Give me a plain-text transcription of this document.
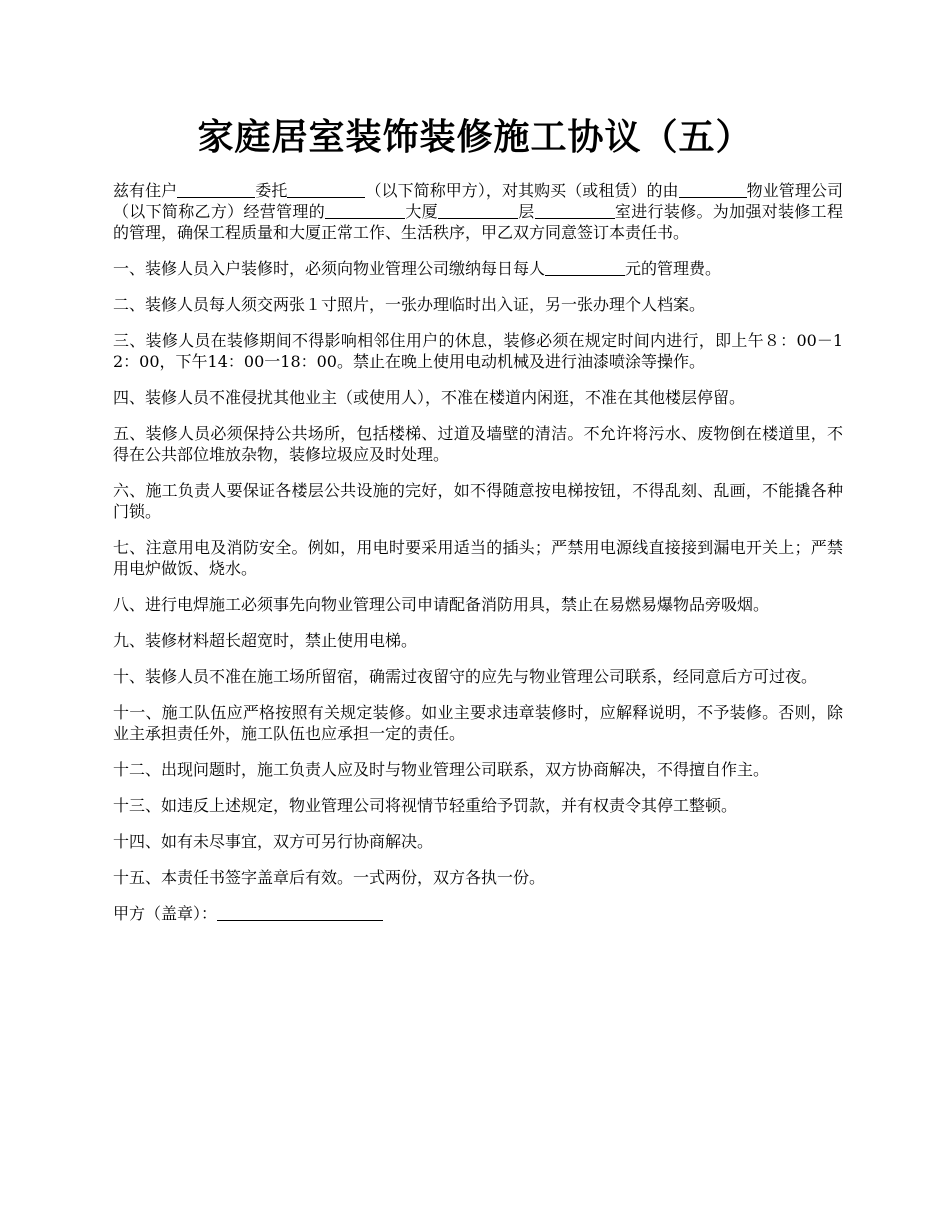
家庭居室装饰装修施工协议（五）

兹有住户	委托	（以下简称甲方），对其购买（或租赁）的由	物业管理公司（以下简称乙方）经营管理的	大厦	层	室进行装修。为加强对装修工程的管理，确保工程质量和大厦正常工作、生活秩序，甲乙双方同意签订本责任书。

一、装修人员入户装修时，必须向物业管理公司缴纳每日每人	元的管理费。

二、装修人员每人须交两张１寸照片，一张办理临时出入证，另一张办理个人档案。

三、装修人员在装修期间不得影响相邻住用户的休息，装修必须在规定时间内进行，即上午８：00－12：00，下午14：00一18：00。禁止在晚上使用电动机械及进行油漆喷涂等操作。

四、装修人员不准侵扰其他业主（或使用人），不准在楼道内闲逛，不准在其他楼层停留。

五、装修人员必须保持公共场所，包括楼梯、过道及墙壁的清洁。不允许将污水、废物倒在楼道里，不得在公共部位堆放杂物，装修垃圾应及时处理。

六、施工负责人要保证各楼层公共设施的完好，如不得随意按电梯按钮，不得乱刻、乱画，不能撬各种门锁。

七、注意用电及消防安全。例如，用电时要采用适当的插头；严禁用电源线直接接到漏电开关上；严禁用电炉做饭、烧水。

八、进行电焊施工必须事先向物业管理公司申请配备消防用具，禁止在易燃易爆物品旁吸烟。

九、装修材料超长超宽时，禁止使用电梯。

十、装修人员不准在施工场所留宿，确需过夜留守的应先与物业管理公司联系，经同意后方可过夜。

十一、施工队伍应严格按照有关规定装修。如业主要求违章装修时，应解释说明，不予装修。否则，除业主承担责任外，施工队伍也应承担一定的责任。

十二、出现问题时，施工负责人应及时与物业管理公司联系，双方协商解决，不得擅自作主。

十三、如违反上述规定，物业管理公司将视情节轻重给予罚款，并有权责令其停工整顿。

十四、如有未尽事宜，双方可另行协商解决。

十五、本责任书签字盖章后有效。一式两份，双方各执一份。

甲方（盖章）：
